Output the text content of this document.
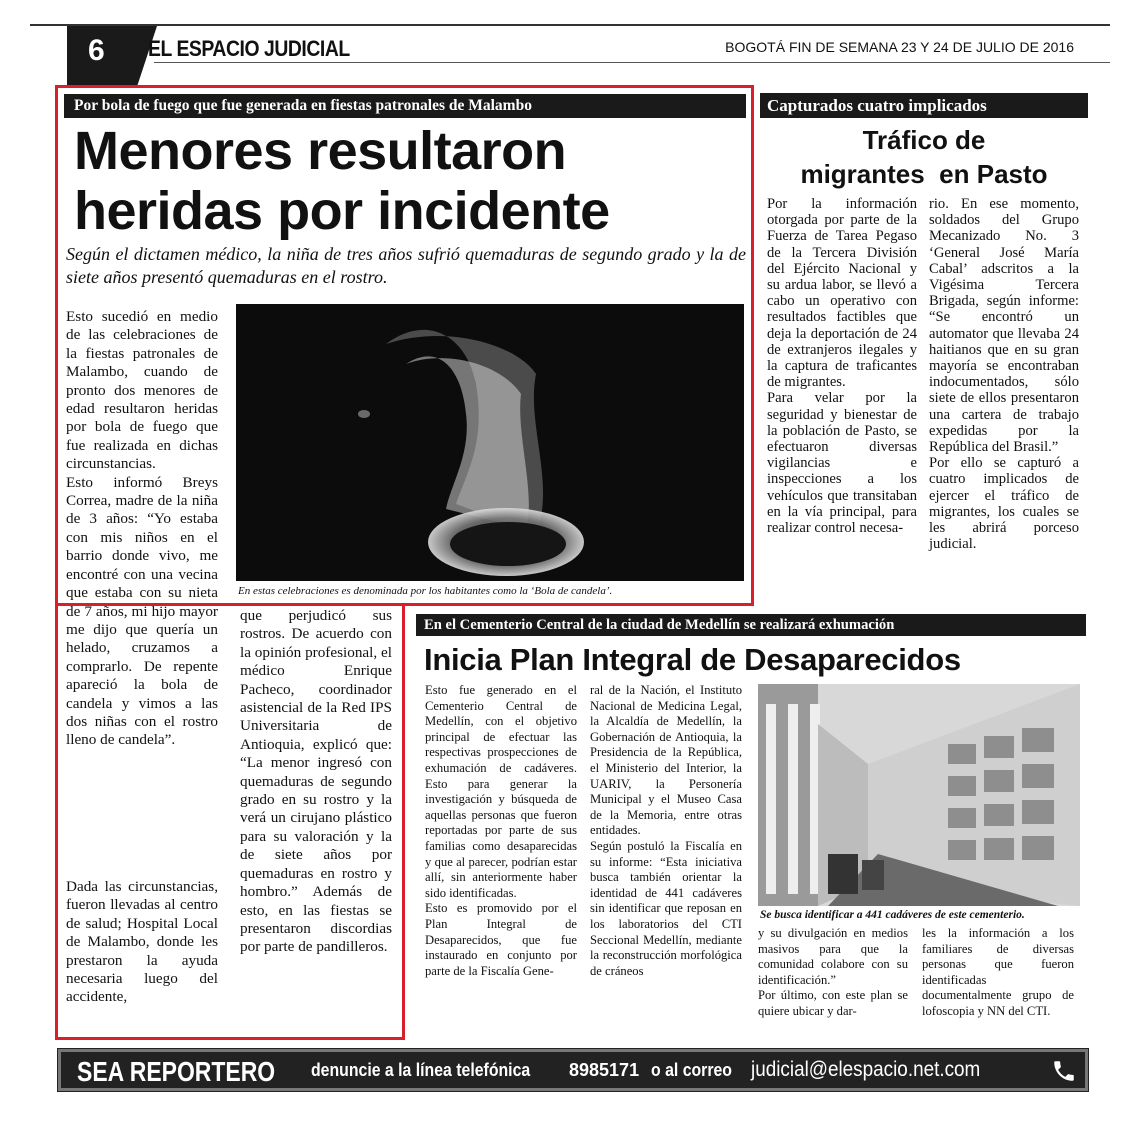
6 EL ESPACIO JUDICIAL	BOGOTÁ FIN DE SEMANA 23 Y 24 DE JULIO DE 2016
Por bola de fuego que fue generada en fiestas patronales de Malambo
Menores resultaron
heridas por incidente
Según el dictamen médico, la niña de tres años sufrió quemaduras de segundo grado y la de siete años presentó quemaduras en el rostro.

Esto sucedió en medio de las celebraciones de la fiestas patronales de Malambo, cuando de pronto dos menores de edad resultaron heridas por bola de fuego que fue realizada en dichas circunstancias.

Esto informó Breys Correa, madre de la niña de 3 años: “Yo estaba con mis niños en el barrio donde vivo, me encontré con una vecina que estaba con su nieta de 7 años, mi hijo mayor me dijo que quería un helado, cruzamos a comprarlo. De repente apareció la bola de candela y vimos a las dos niñas con el rostro lleno de candela”.

Dada las circunstancias, fueron llevadas al centro de salud; Hospital Local de Malambo, donde les prestaron la ayuda necesaria luego del accidente,

En estas celebraciones es denominada por los habitantes como la ‘Bola de candela’.

que perjudicó sus rostros. De acuerdo con la opinión profesional, el médico Enrique Pacheco, coordinador asistencial de la Red IPS Universitaria de Antioquia, explicó que: “La menor ingresó con quemaduras de segundo grado en su rostro y la verá un cirujano plástico para su valoración y la de siete años por quemaduras en rostro y hombro.” Además de esto, en las fiestas se presentaron discordias por parte de pandilleros.

Capturados cuatro implicados
Tráfico de
migrantes  en Pasto

Por la información otorgada por parte de la Fuerza de Tarea Pegaso de la Tercera División del Ejército Nacional y su ardua labor, se llevó a cabo un operativo con resultados factibles que deja la deportación de 24 de extranjeros ilegales y la captura de traficantes de migrantes.

Para velar por la seguridad y bienestar de la población de Pasto, se efectuaron diversas vigilancias e inspecciones a los vehículos que transitaban en la vía principal, para realizar control necesa-

rio. En ese momento, soldados del Grupo Mecanizado No. 3 ‘General José María Cabal’ adscritos a la Vigésima Tercera Brigada, según informe: “Se encontró un automator que llevaba 24 haitianos que en su gran mayoría se encontraban indocumentados, sólo siete de ellos presentaron una cartera de trabajo expedidas por la República del Brasil.”

Por ello se capturó a cuatro implicados de ejercer el tráfico de migrantes, los cuales se les abrirá porceso judicial.

En el Cementerio Central de la ciudad de Medellín se realizará exhumación
Inicia Plan Integral de Desaparecidos

Esto fue generado en el Cementerio Central de Medellín, con el objetivo principal de efectuar las respectivas prospecciones de exhumación de cadáveres. Esto para generar la investigación y búsqueda de aquellas personas que fueron reportadas por parte de sus familias como desaparecidas y que al parecer, podrían estar allí, sin anteriormente haber sido identificadas.

Esto es promovido por el Plan Integral de Desaparecidos, que fue instaurado en conjunto por parte de la Fiscalía Gene-

ral de la Nación, el Instituto Nacional de Medicina Legal, la Alcaldía de Medellín, la Gobernación de Antioquia, la Presidencia de la República, el Ministerio del Interior, la UARIV, la Personería Municipal y el Museo Casa de la Memoria, entre otras entidades.

Según postuló la Fiscalía en su informe: “Esta iniciativa busca también orientar la identidad de 441 cadáveres sin identificar que reposan en los laboratorios del CTI Seccional Medellín, mediante la reconstrucción morfológica de cráneos

Se busca identificar a 441 cadáveres de este cementerio.

y su divulgación en medios masivos para que la comunidad colabore con su identificación.”

Por último, con este plan se quiere ubicar y dar-

les la información a los familiares de diversas personas que fueron identificadas documentalmente grupo de lofoscopia y NN del CTI.

SEA REPORTERO denuncie a la línea telefónica 8985171 o al correo judicial@elespacio.net.com
